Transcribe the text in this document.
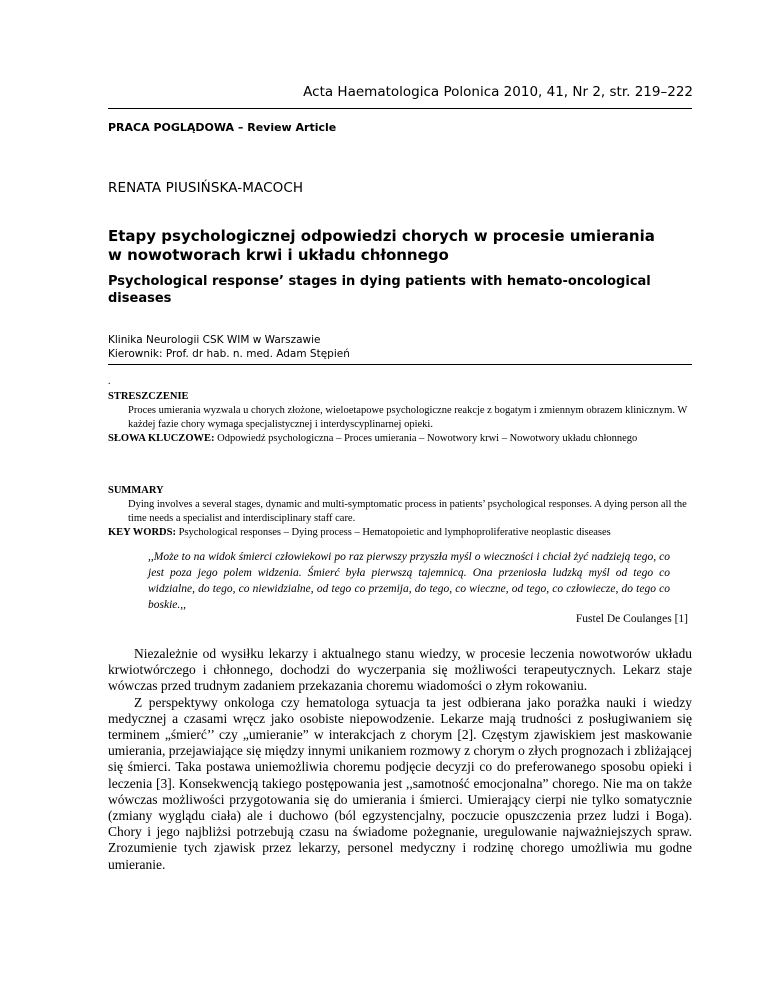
Acta Haematologica Polonica 2010, 41, Nr 2, str. 219–222
PRACA POGLĄDOWA – Review Article
RENATA PIUSIŃSKA-MACOCH
Etapy psychologicznej odpowiedzi chorych w procesie umierania w nowotworach krwi i układu chłonnego
Psychological response’ stages in dying patients with hemato-oncological diseases
Klinika Neurologii CSK WIM w Warszawie
Kierownik: Prof. dr hab. n. med. Adam Stępień
.
STRESZCZENIE
Proces umierania wyzwala u chorych złożone, wieloetapowe psychologiczne reakcje z bogatym i zmiennym obrazem klinicznym. W każdej fazie chory wymaga specjalistycznej i interdyscyplinarnej opieki.
SŁOWA KLUCZOWE: Odpowiedź psychologiczna – Proces umierania – Nowotwory krwi – Nowotwory układu chłonnego
SUMMARY
Dying involves a several stages, dynamic and multi-symptomatic process in patients’ psychological responses. A dying person all the time needs a specialist and interdisciplinary staff care.
KEY WORDS: Psychological responses – Dying process – Hematopoietic and lymphoproliferative neoplastic diseases
,,Może to na widok śmierci człowiekowi po raz pierwszy przyszła myśl o wieczności i chciał żyć nadzieją tego, co jest poza jego polem widzenia. Śmierć była pierwszą tajemnicą. Ona przeniosła ludzką myśl od tego co widzialne, do tego, co niewidzialne, od tego co przemija, do tego, co wieczne, od tego, co człowiecze, do tego co boskie.,,
Fustel De Coulanges [1]

Niezależnie od wysiłku lekarzy i aktualnego stanu wiedzy, w procesie leczenia nowotworów układu krwiotwórczego i chłonnego, dochodzi do wyczerpania się możliwości terapeutycznych. Lekarz staje wówczas przed trudnym zadaniem przekazania choremu wiadomości o złym rokowaniu.

Z perspektywy onkologa czy hematologa sytuacja ta jest odbierana jako porażka nauki i wiedzy medycznej a czasami wręcz jako osobiste niepowodzenie. Lekarze mają trudności z posługiwaniem się terminem „śmierć’’ czy „umieranie” w interakcjach z chorym [2]. Częstym zjawiskiem jest maskowanie umierania, przejawiające się między innymi unikaniem rozmowy z chorym o złych prognozach i zbliżającej się śmierci. Taka postawa uniemożliwia choremu podjęcie decyzji co do preferowanego sposobu opieki i leczenia [3]. Konsekwencją takiego postępowania jest ,,samotność emocjonalna” chorego. Nie ma on także wówczas możliwości przygotowania się do umierania i śmierci. Umierający cierpi nie tylko somatycznie (zmiany wyglądu ciała) ale i duchowo (ból egzystencjalny, poczucie opuszczenia przez ludzi i Boga). Chory i jego najbliżsi potrzebują czasu na świadome pożegnanie, uregulowanie najważniejszych spraw. Zrozumienie tych zjawisk przez lekarzy, personel medyczny i rodzinę chorego umożliwia mu godne umieranie.
